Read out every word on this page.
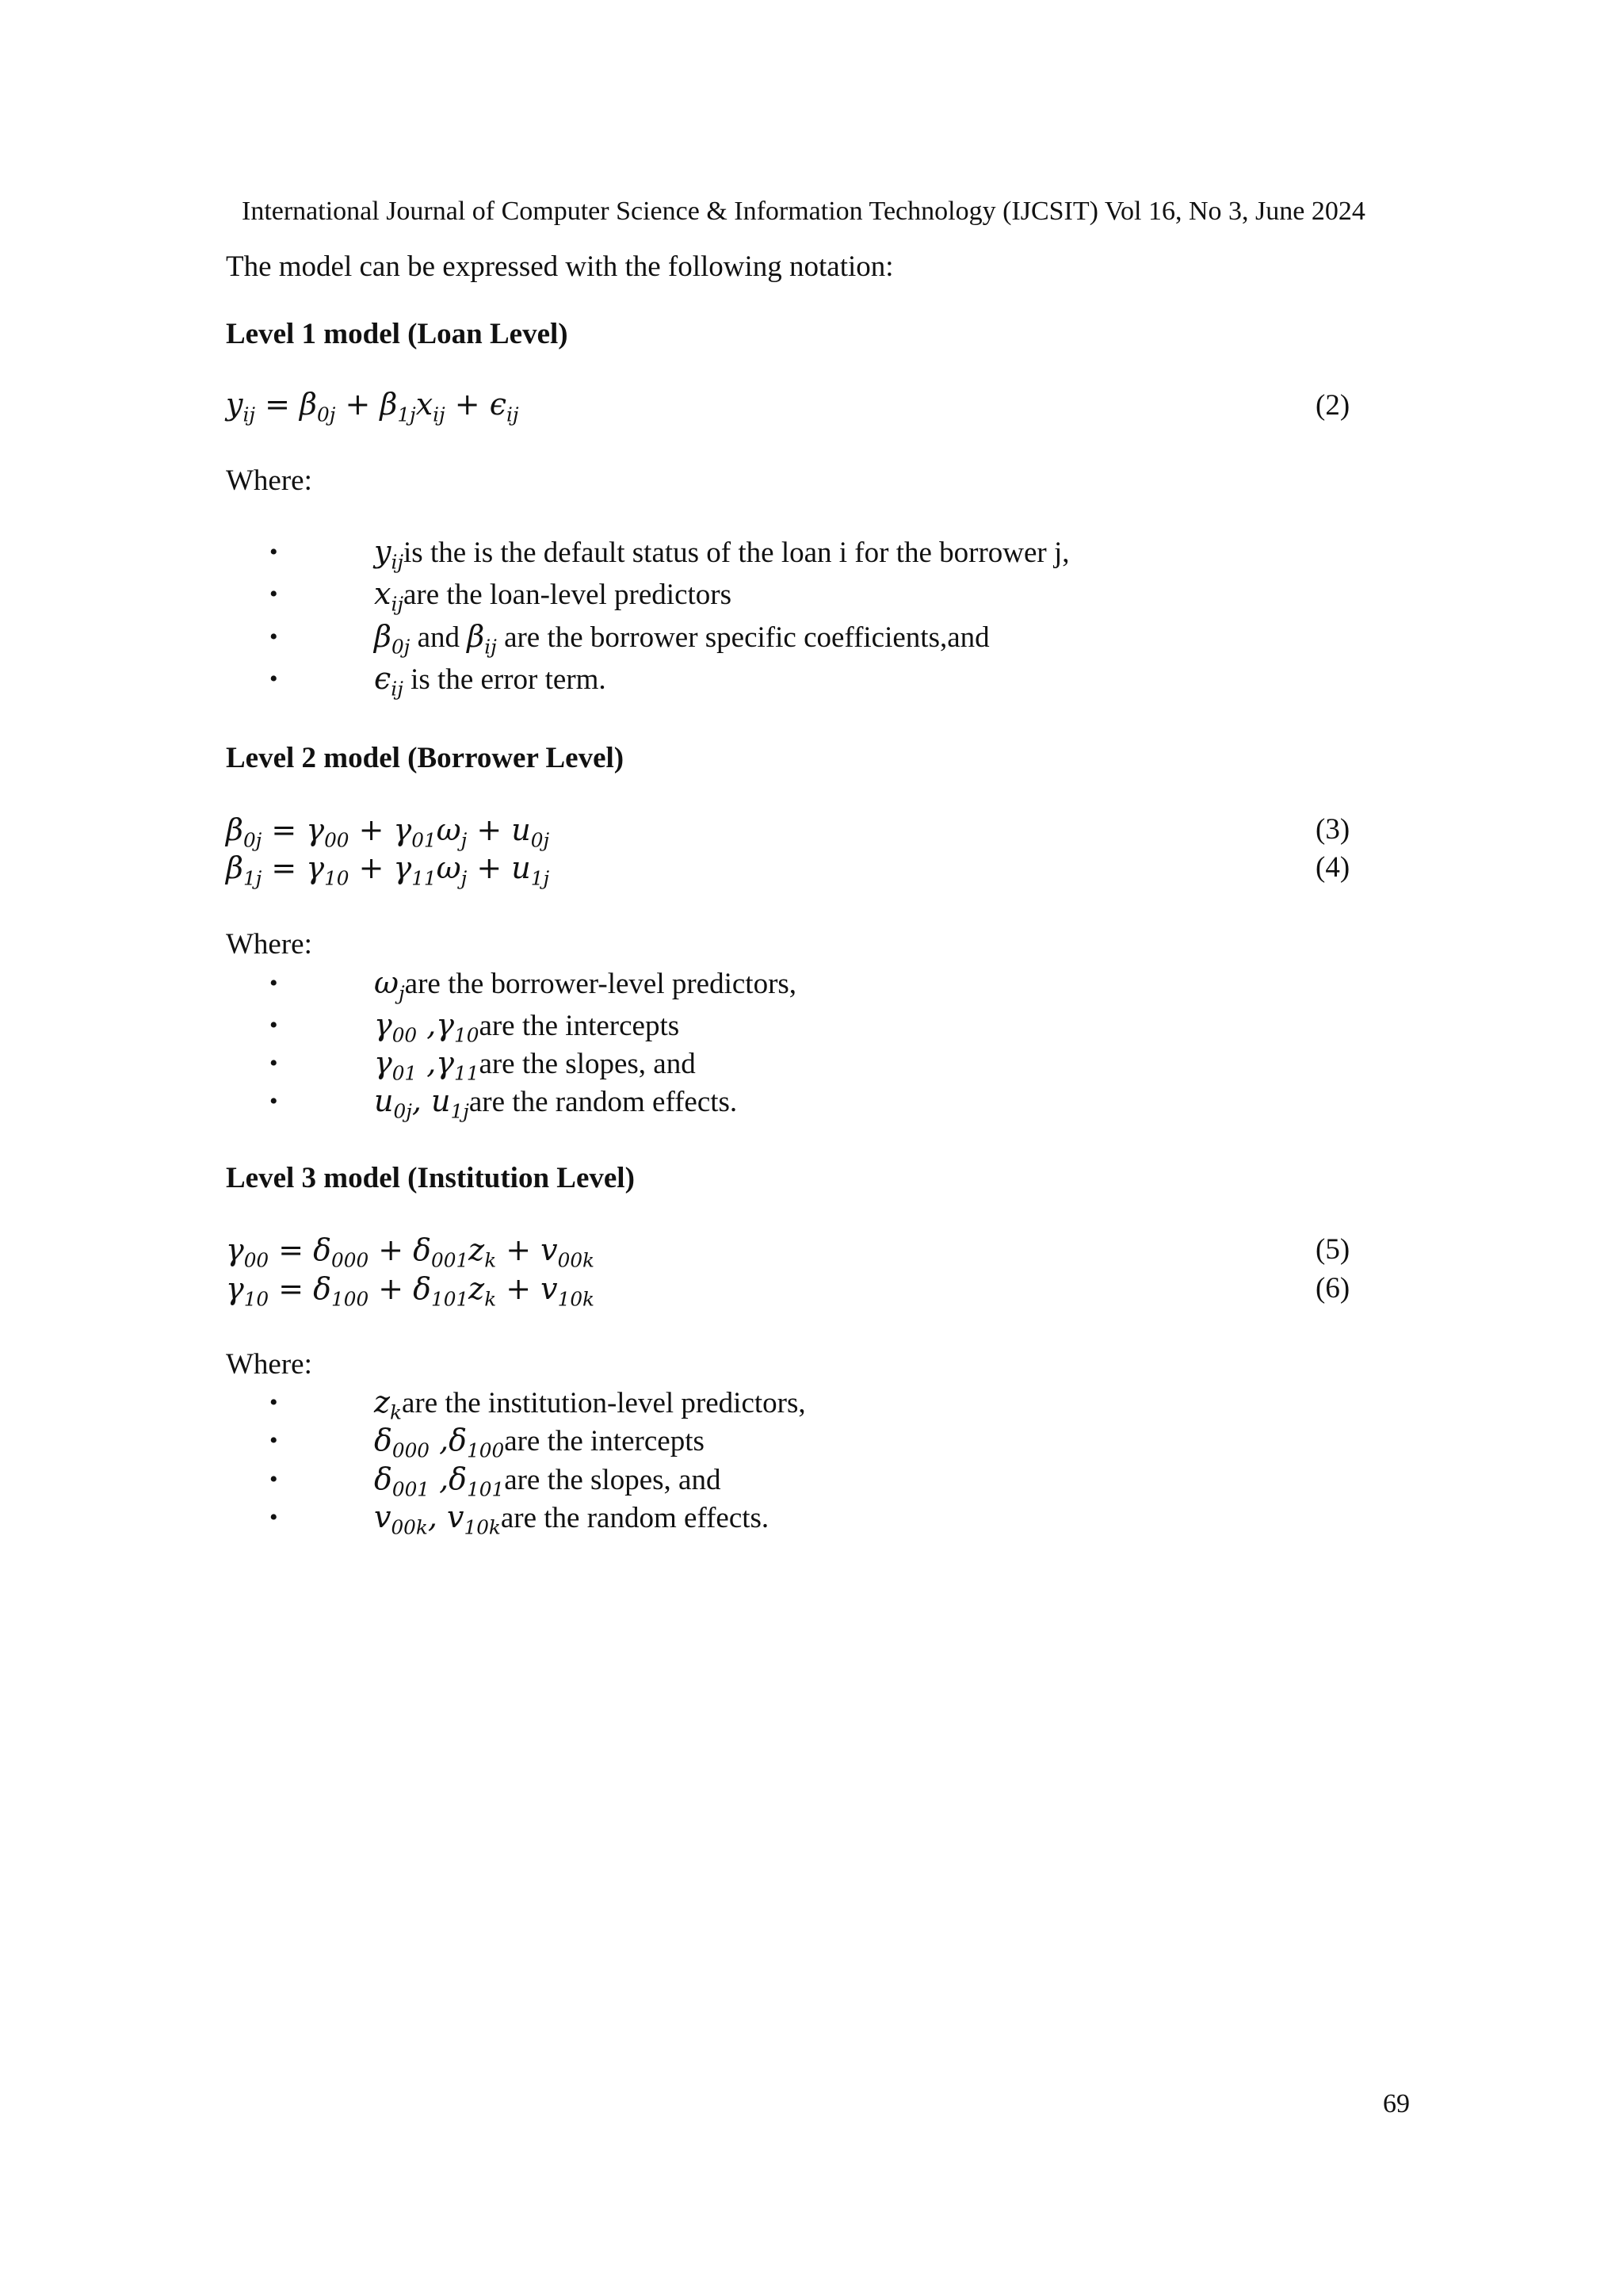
International Journal of Computer Science & Information Technology (IJCSIT) Vol 16, No 3, June 2024
The model can be expressed with the following notation:
Level 1 model (Loan Level)
$y_{ij} = \beta_{0j} + \beta_{1j}x_{ij} + \epsilon_{ij}$	(2)
Where:
•	$y_{ij}is$ the is the default status of the loan i for the borrower j,
•	$x_{ij}are$ the loan-level predictors
•	$\beta_{0j}$ and $\beta_{ij}$ are the borrower specific coefficients,and
•	$\epsilon_{ij}$ is the error term.
Level 2 model (Borrower Level)
$\beta_{0j} = \gamma_{00} + \gamma_{01}\omega_j + u_{0j}$	(3)
$\beta_{1j} = \gamma_{10} + \gamma_{11}\omega_j + u_{1j}$	(4)
Where:
•	$\omega_jare$ the borrower-level predictors,
•	$\gamma_{00}$ $,\gamma_{10}are$ the intercepts
•	$\gamma_{01}$ $,\gamma_{11}are$ the slopes, and
•	$u_{0j}$, $u_{1j}are$ the random effects.
Level 3 model (Institution Level)
$\gamma_{00} = \delta_{000} + \delta_{001}z_k + v_{00k}$	(5)
$\gamma_{10} = \delta_{100} + \delta_{101}z_k + v_{10k}$	(6)
Where:
•	$z_kare$ the institution-level predictors,
•	$\delta_{000}$ $,\delta_{100}are$ the intercepts
•	$\delta_{001}$ $,\delta_{101}are$ the slopes, and
•	$v_{00k}$, $v_{10k}are$ the random effects.
69
